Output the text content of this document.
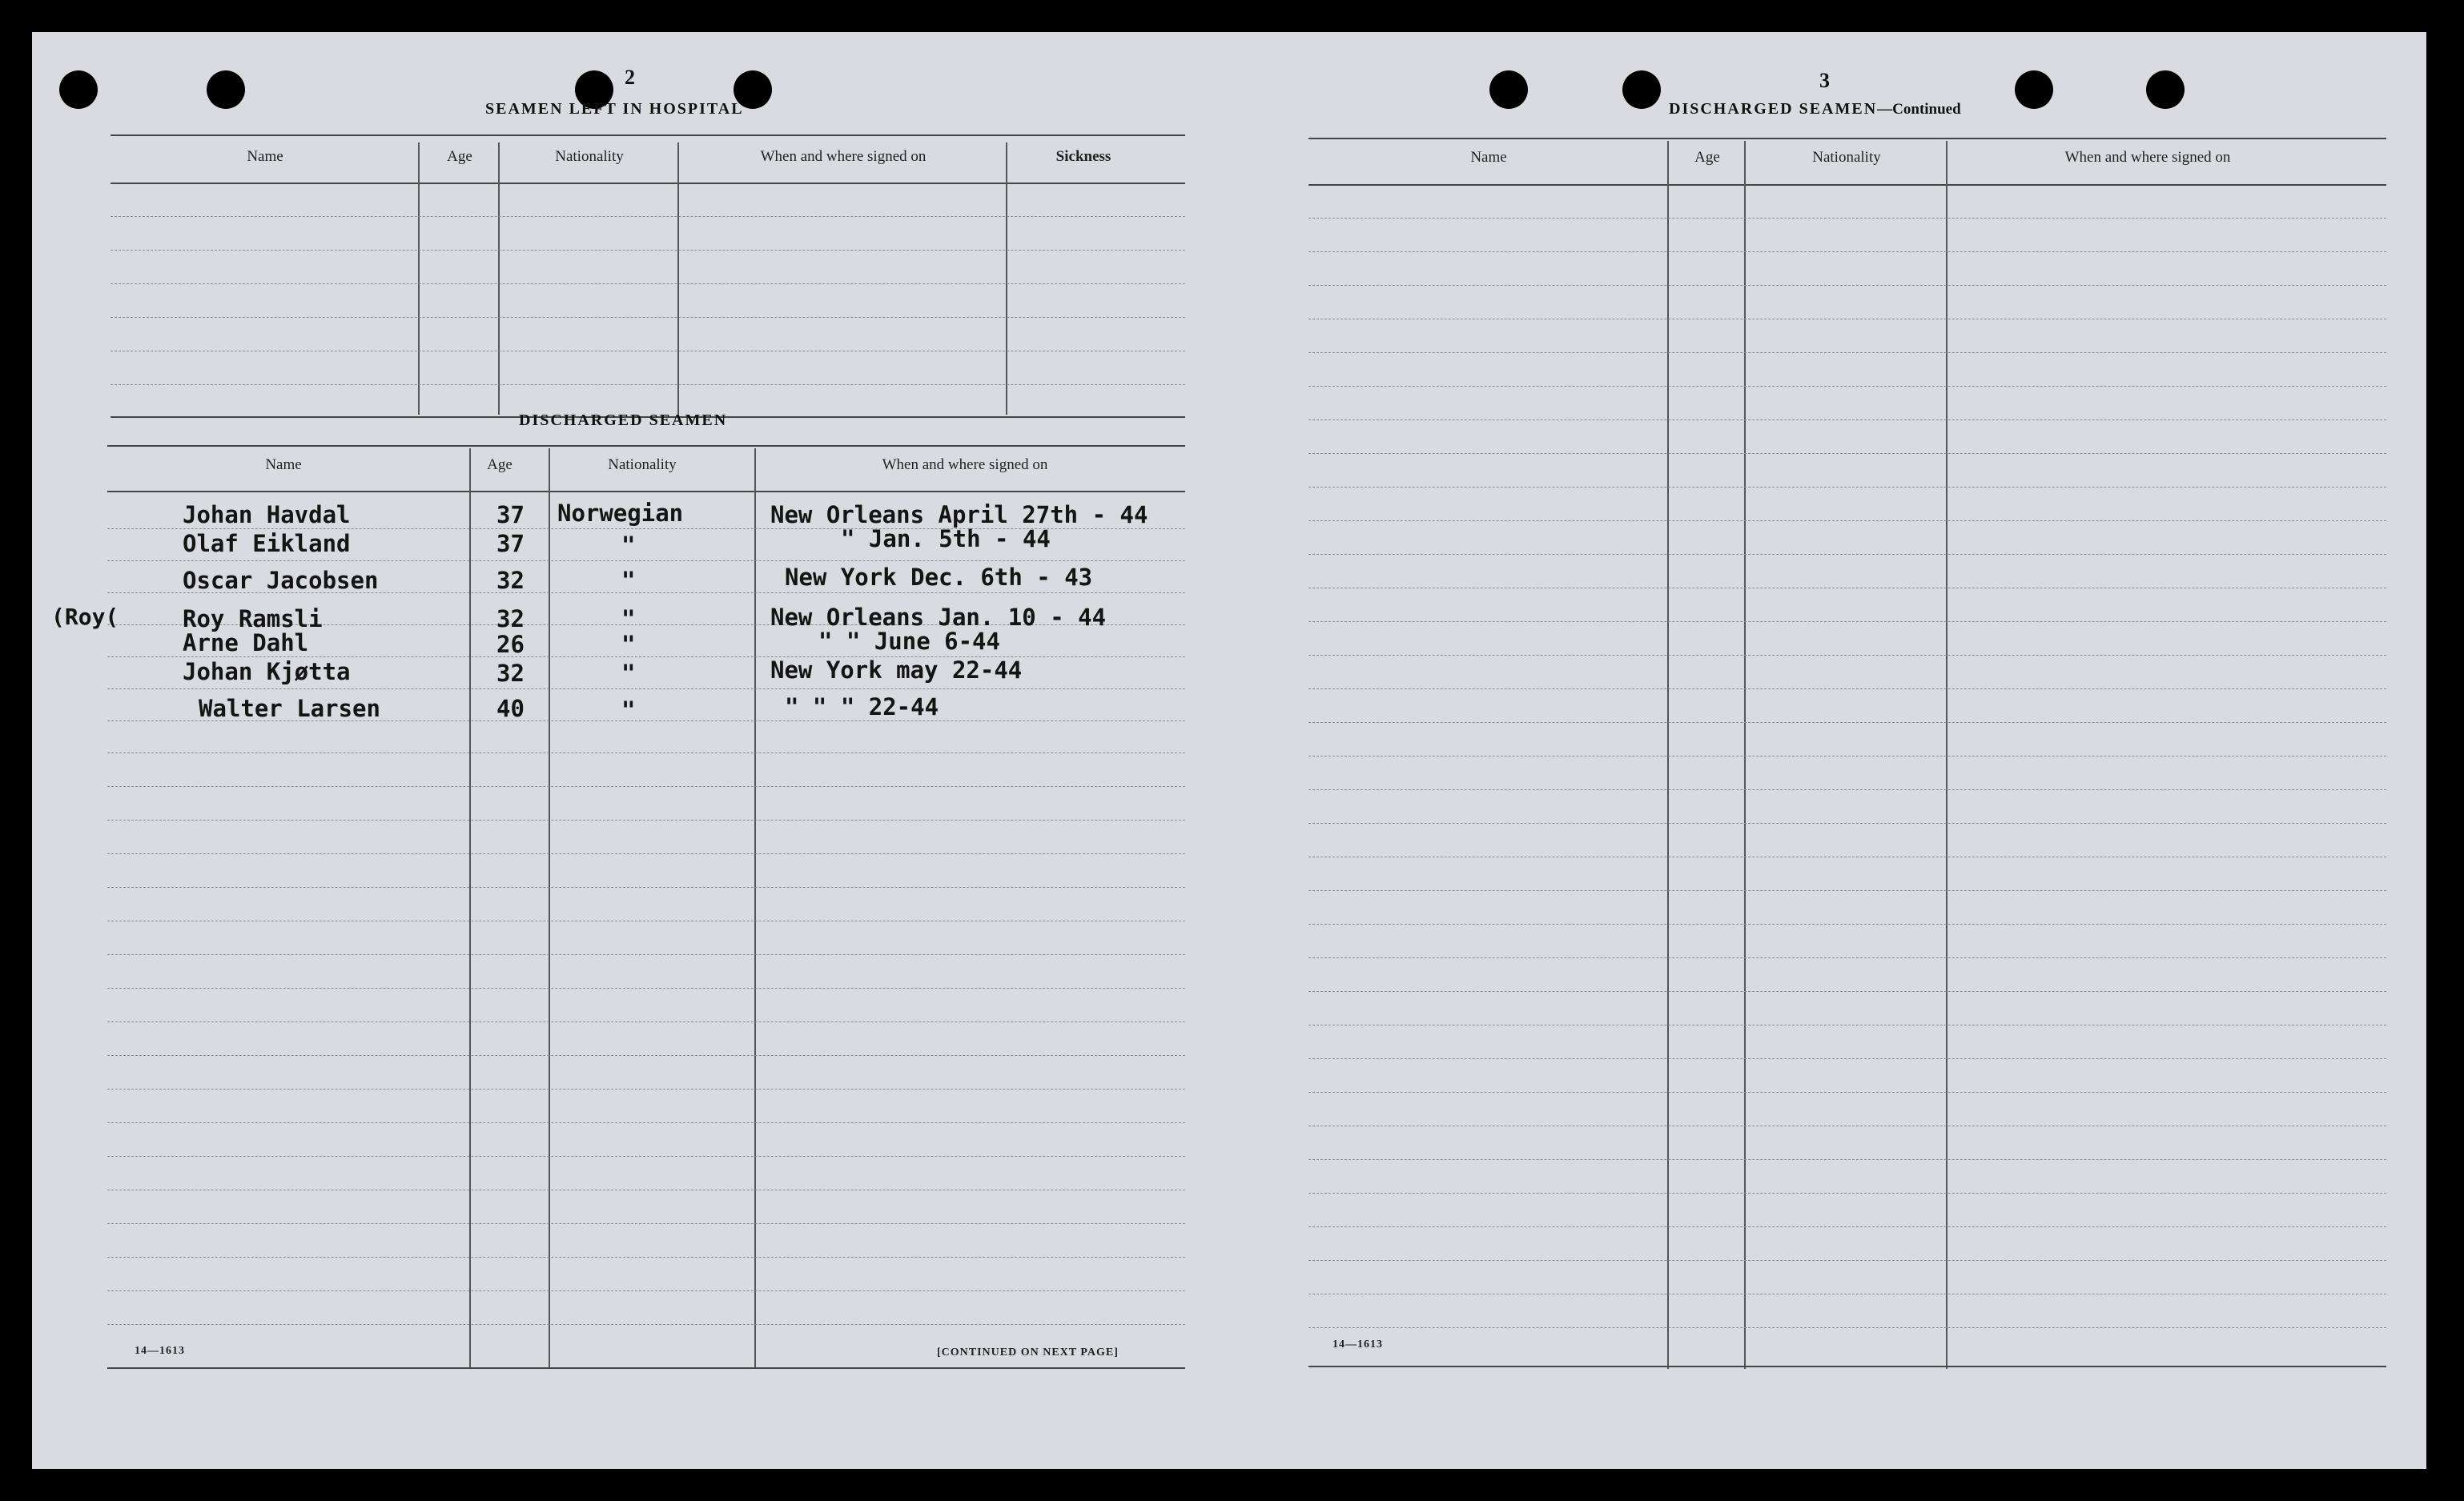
2
SEAMEN LEFT IN HOSPITAL
Name	Age	Nationality	When and where signed on	Sickness
DISCHARGED SEAMEN
Name	Age	Nationality	When and where signed on
(Roy(
Johan Havdal	37 Norwegian	New Orleans April 27th - 44
Olaf Eikland	37	"	" Jan. 5th - 44
Oscar Jacobsen	32	"	New York Dec. 6th - 43
Roy Ramsli	32	"	New Orleans Jan. 10 - 44
Arne Dahl	26	"	" " June 6-44
Johan Kjøtta	32	"	New York may 22-44
Walter Larsen	40	"	" " " 22-44
14—1613	[CONTINUED ON NEXT PAGE]
3
DISCHARGED SEAMEN—Continued
Name	Age	Nationality	When and where signed on
14—1613
